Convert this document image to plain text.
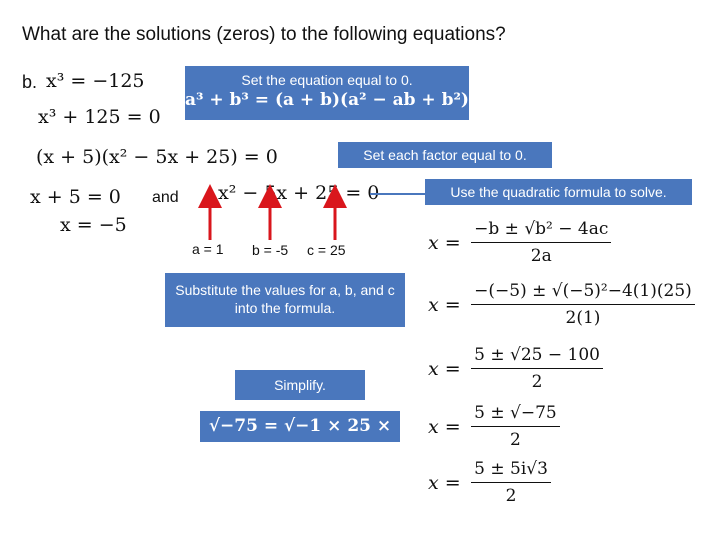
What are the solutions (zeros) to the following equations?
b. x³ = −125
x³ + 125 = 0
(x + 5)(x² − 5x + 25) = 0
x + 5 = 0
x = −5
and x² − 5x + 25 = 0
a = 1 b = -5 c = 25
Set the equation equal to 0.
a³ + b³ = (a + b)(a² − ab + b²)
Set each factor equal to 0.
Use the quadratic formula to solve.
Substitute the values for a, b, and c into the formula.
Simplify.
√−75 = √−1 × 25 × 3
$x = \frac{\text{−b ± √b² − 4ac}}{2a}$
$x = \frac{\text{−(−5) ± √(−5)²−4(1)(25)}}{2(1)}$
$x = \frac{5 \pm √25 - 100}{2}$
$x = \frac{5 \pm √-75}{2}$
$x = \frac{5 \pm 5i√3}{2}$
